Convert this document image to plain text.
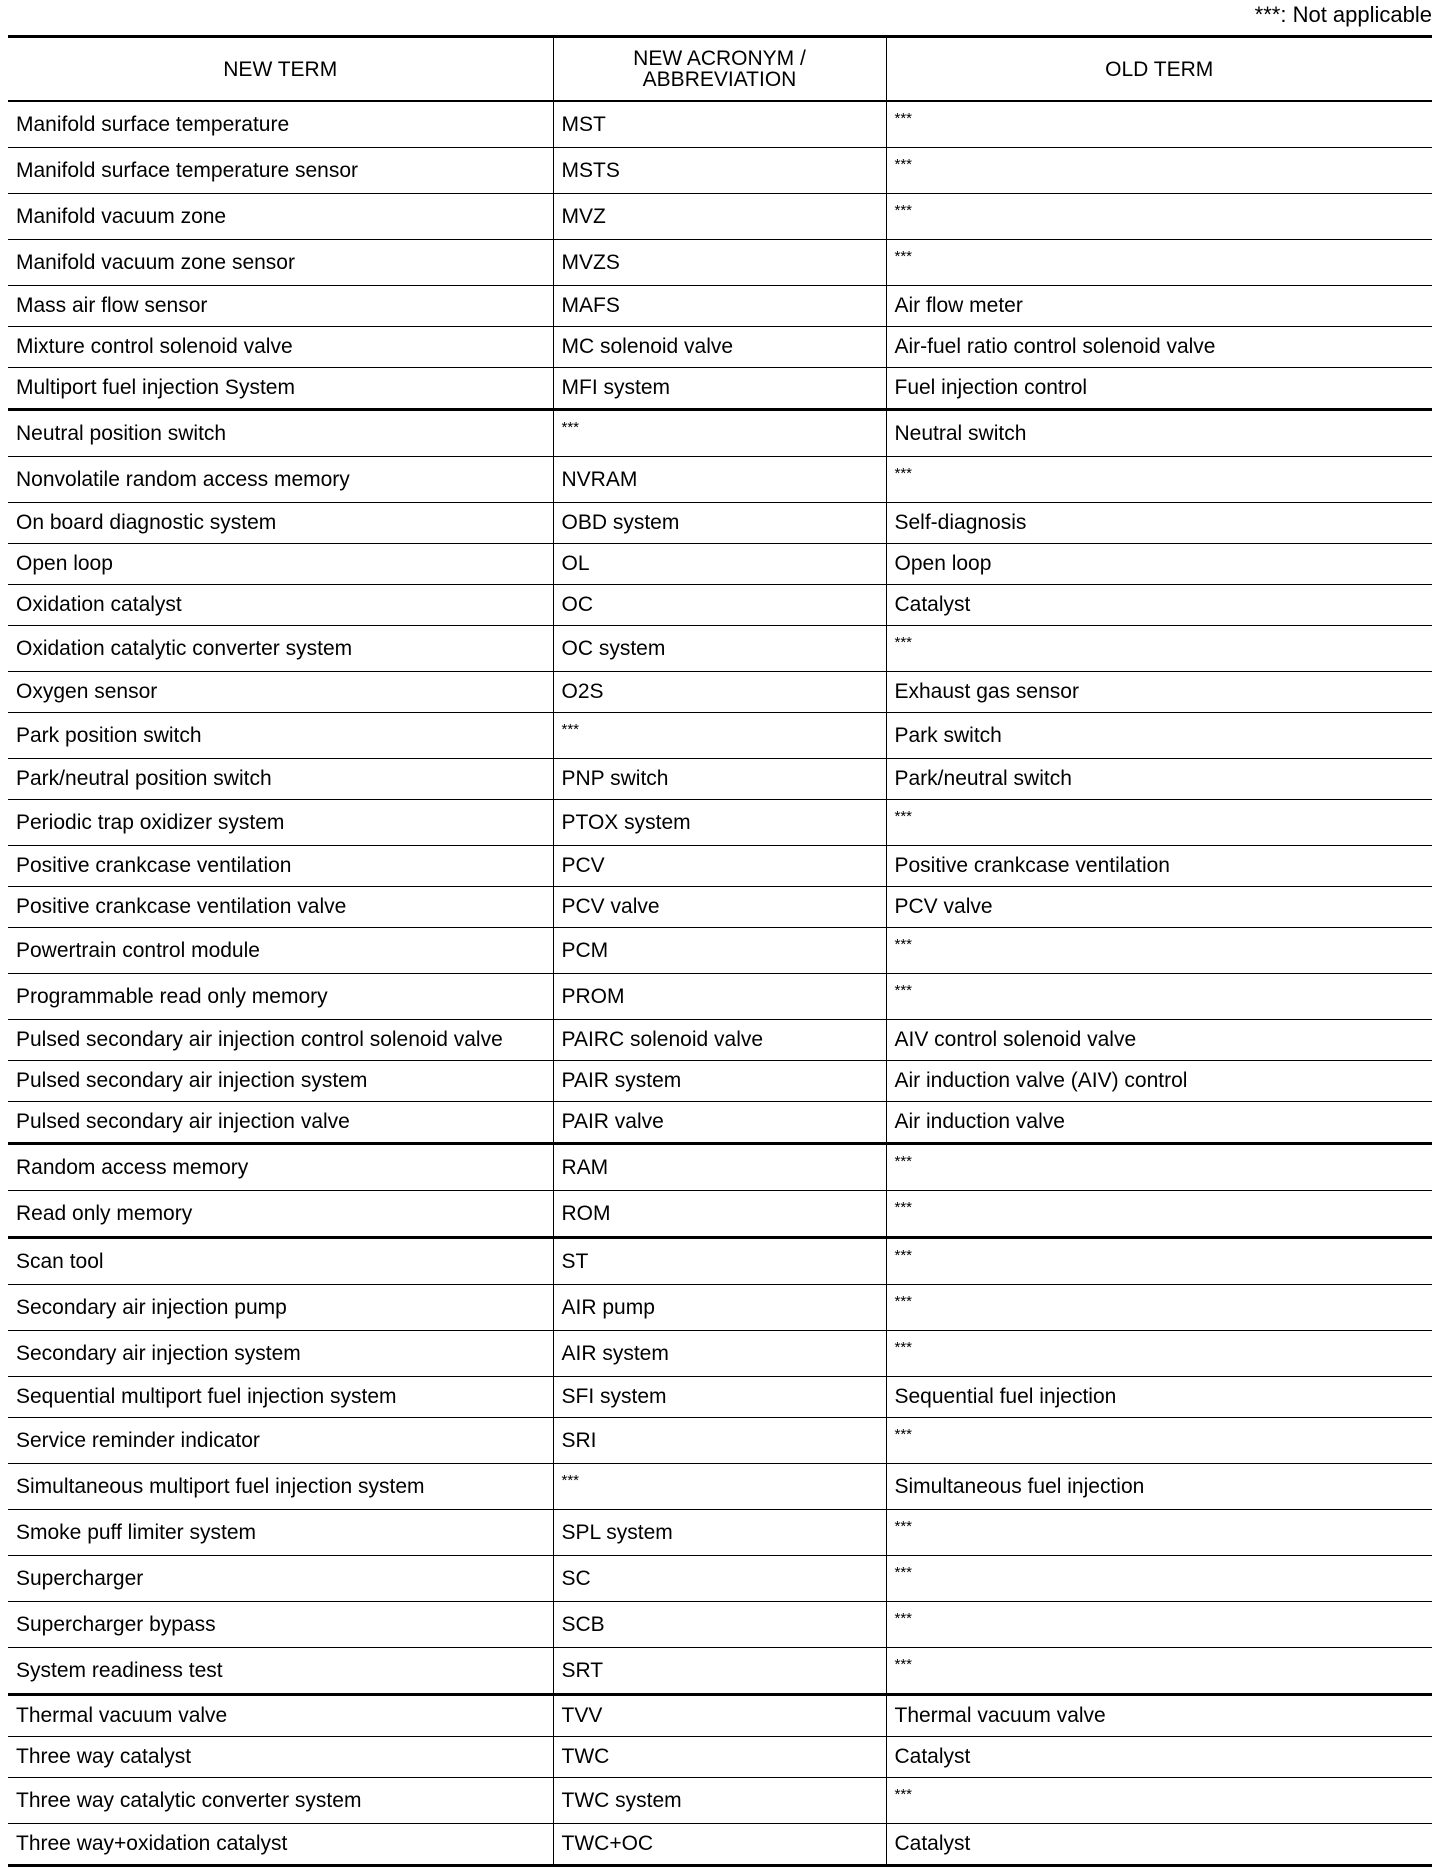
***: Not applicable
NEW TERM	NEW ACRONYM /
ABBREVIATION	OLD TERM
Manifold surface temperature	MST	***
Manifold surface temperature sensor	MSTS	***
Manifold vacuum zone	MVZ	***
Manifold vacuum zone sensor	MVZS	***
Mass air flow sensor	MAFS	Air flow meter
Mixture control solenoid valve	MC solenoid valve	Air-fuel ratio control solenoid valve
Multiport fuel injection System	MFI system	Fuel injection control
Neutral position switch	***	Neutral switch
Nonvolatile random access memory	NVRAM	***
On board diagnostic system	OBD system	Self-diagnosis
Open loop	OL	Open loop
Oxidation catalyst	OC	Catalyst
Oxidation catalytic converter system	OC system	***
Oxygen sensor	O2S	Exhaust gas sensor
Park position switch	***	Park switch
Park/neutral position switch	PNP switch	Park/neutral switch
Periodic trap oxidizer system	PTOX system	***
Positive crankcase ventilation	PCV	Positive crankcase ventilation
Positive crankcase ventilation valve	PCV valve	PCV valve
Powertrain control module	PCM	***
Programmable read only memory	PROM	***
Pulsed secondary air injection control solenoid valve	PAIRC solenoid valve	AIV control solenoid valve
Pulsed secondary air injection system	PAIR system	Air induction valve (AIV) control
Pulsed secondary air injection valve	PAIR valve	Air induction valve
Random access memory	RAM	***
Read only memory	ROM	***
Scan tool	ST	***
Secondary air injection pump	AIR pump	***
Secondary air injection system	AIR system	***
Sequential multiport fuel injection system	SFI system	Sequential fuel injection
Service reminder indicator	SRI	***
Simultaneous multiport fuel injection system	***	Simultaneous fuel injection
Smoke puff limiter system	SPL system	***
Supercharger	SC	***
Supercharger bypass	SCB	***
System readiness test	SRT	***
Thermal vacuum valve	TVV	Thermal vacuum valve
Three way catalyst	TWC	Catalyst
Three way catalytic converter system	TWC system	***
Three way+oxidation catalyst	TWC+OC	Catalyst
